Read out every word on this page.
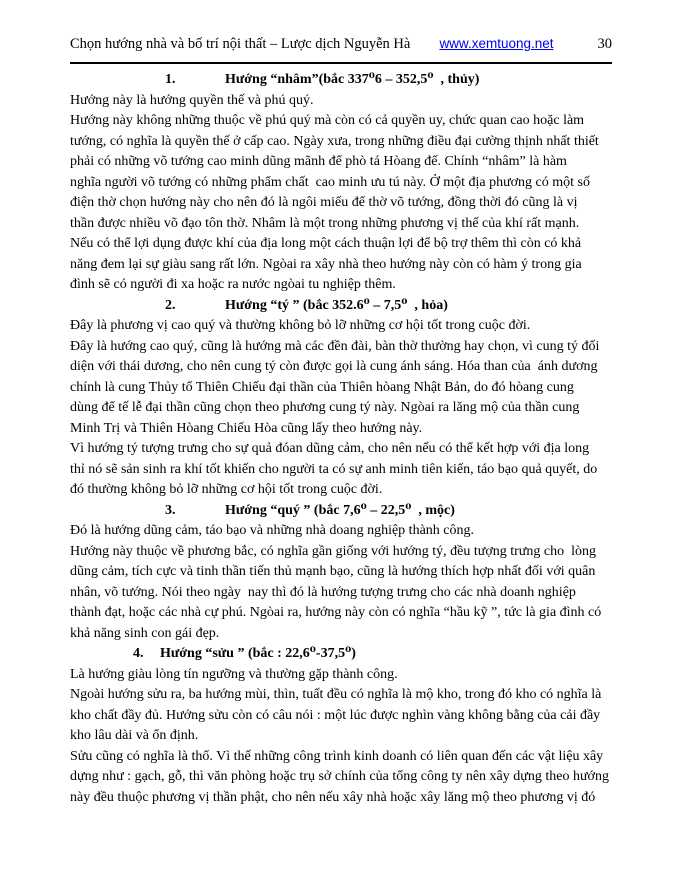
Chọn hướng nhà và bố trí nội thất – Lược dịch Nguyễn Hà www.xemtuong.net	30
1.	Hướng “nhâm”(bắc 337⁰6 – 352,5⁰  , thủy)
Hướng này là hướng quyền thế và phú quý.
Hướng này không những thuộc về phú quý mà còn có cả quyền uy, chức quan cao hoặc làm
tướng, có nghĩa là quyền thế ở cấp cao. Ngày xưa, trong những điều đại cường thịnh nhất thiết
phải có những võ tướng cao minh dũng mãnh để phò tá Hòang đế. Chính “nhâm” là hàm
nghĩa người võ tướng có những phẩm chất  cao minh ưu tú này. Ở một địa phương có một số
điện thờ chọn hướng này cho nên đó là ngôi miếu để thờ võ tướng, đồng thời đó cũng là vị
thần được nhiều võ đạo tôn thờ. Nhâm là một trong những phương vị thế của khí rất mạnh.
Nếu có thể lợi dụng được khí của địa long một cách thuận lợi để bộ trợ thêm thì còn có khả
năng đem lại sự giàu sang rất lớn. Ngòai ra xây nhà theo hướng này còn có hàm ý trong gia
đình sẽ có người đi xa hoặc ra nước ngòai tu nghiệp thêm.
2.	Hướng “tý ” (bắc 352.6⁰ – 7,5⁰  , hỏa)
Đây là phương vị cao quý và thường không bỏ lỡ những cơ hội tốt trong cuộc đời.
Đây là hướng cao quý, cũng là hướng mà các đền đài, bàn thờ thường hay chọn, vì cung tý đối
diện với thái dương, cho nên cung tý còn được gọi là cung ánh sáng. Hóa than của  ánh dương
chính là cung Thủy tổ Thiên Chiếu đại thần của Thiên hòang Nhật Bản, do đó hòang cung
dùng để tế lễ đại thần cũng chọn theo phương cung tý này. Ngòai ra lăng mộ của thần cung
Minh Trị và Thiên Hòang Chiếu Hòa cũng lấy theo hướng này.
Vì hướng tý tượng trưng cho sự quả đóan dũng cảm, cho nên nếu có thể kết hợp với địa long
thỉ nó sẽ sản sinh ra khí tốt khiến cho người ta có sự anh minh tiên kiến, táo bạo quả quyết, do
đó thường không bỏ lỡ những cơ hội tốt trong cuộc đời.
3.	Hướng “quý ” (bắc 7,6⁰ – 22,5⁰  , mộc)
Đó là hướng dũng cảm, táo bạo và những nhà doang nghiệp thành công.
Hướng này thuộc về phương bắc, có nghĩa gần giống với hướng tý, đều tượng trưng cho  lòng
dũng cảm, tích cực và tinh thần tiến thủ mạnh bạo, cũng là hướng thích hợp nhất đối với quân
nhân, võ tướng. Nói theo ngày  nay thì đó là hướng tượng trưng cho các nhà doanh nghiệp
thành đạt, hoặc các nhà cự phú. Ngòai ra, hướng này còn có nghĩa “hầu kỹ ”, tức là gia đình có
khả năng sinh con gái đẹp.
4. Hướng “sửu ” (bắc : 22,6⁰-37,5⁰)
Là hướng giàu lòng tín ngưỡng và thường gặp thành công.
Ngoài hướng sửu ra, ba hướng mùi, thìn, tuất đều có nghĩa là mộ kho, trong đó kho có nghĩa là
kho chất đầy đủ. Hướng sửu còn có câu nói : một lúc được nghìn vàng không bằng của cải đầy
kho lâu dài và ổn định.
Sửu cũng có nghĩa là thổ. Vì thế những công trình kinh doanh có liên quan đến các vật liệu xây
dựng như : gạch, gỗ, thì văn phòng hoặc trụ sở chính của tổng công ty nên xây dựng theo hướng
này đều thuộc phương vị thần phật, cho nên nếu xây nhà hoặc xây lăng mộ theo phương vị đó
